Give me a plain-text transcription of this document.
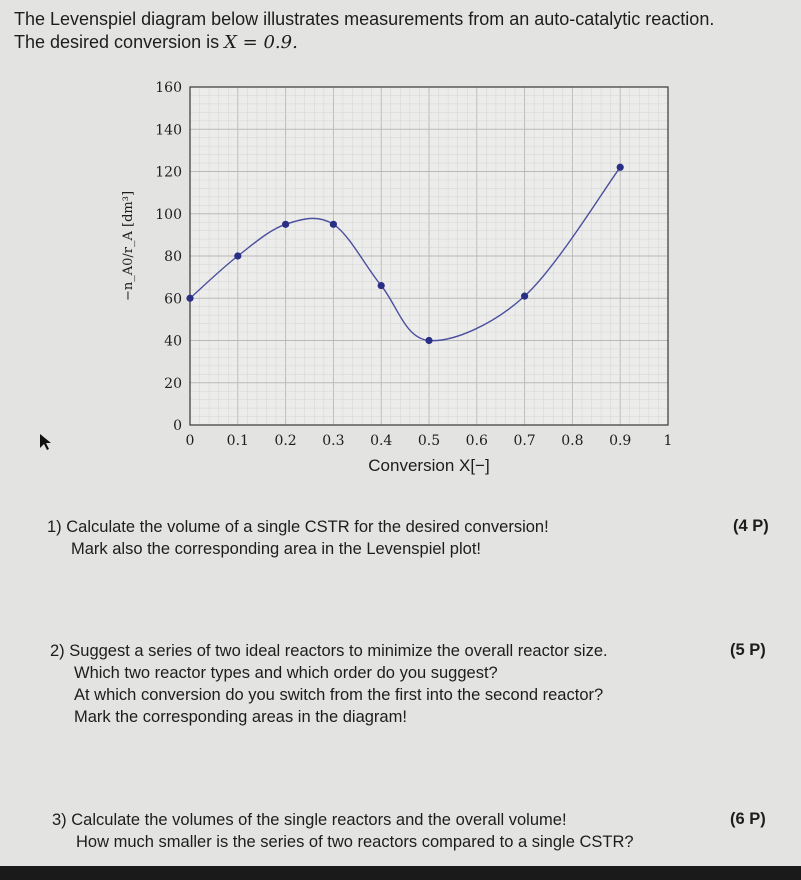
The Levenspiel diagram below illustrates measurements from an auto-catalytic reaction.
The desired conversion is X = 0.9.
0 0.1 0.2 0.3 0.4 0.5 0.6 0.7 0.8 0.9 1
0
20
40
60
80
100
120
140
160
Conversion X[−]
−n_A0/r_A [dm³]
1) Calculate the volume of a single CSTR for the desired conversion!
Mark also the corresponding area in the Levenspiel plot!
(4 P)
2) Suggest a series of two ideal reactors to minimize the overall reactor size.
Which two reactor types and which order do you suggest?
At which conversion do you switch from the first into the second reactor?
Mark the corresponding areas in the diagram!
(5 P)
3) Calculate the volumes of the single reactors and the overall volume!
How much smaller is the series of two reactors compared to a single CSTR?
(6 P)
